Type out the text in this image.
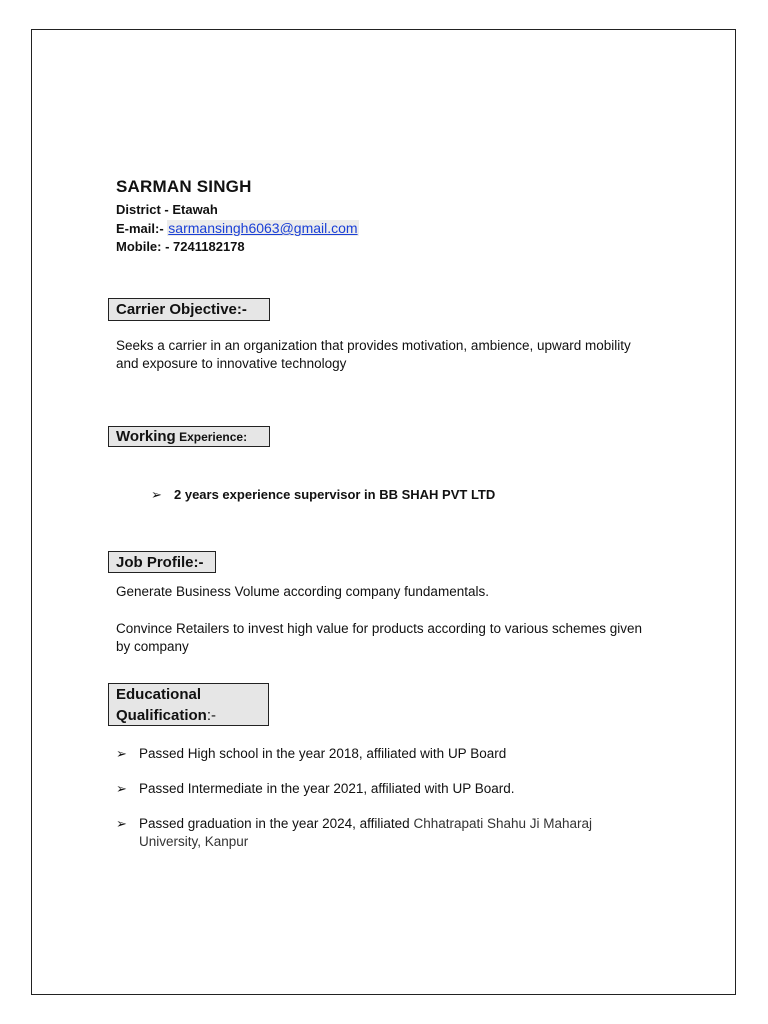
SARMAN SINGH
District - Etawah
E-mail:- sarmansingh6063@gmail.com
Mobile: - 7241182178
Carrier Objective:-
Seeks a carrier in an organization that provides motivation, ambience, upward mobility and exposure to innovative technology
Working Experience:
➢ 2 years experience supervisor in BB SHAH PVT LTD
Job Profile:-
Generate Business Volume according company fundamentals.
Convince Retailers to invest high value for products according to various schemes given by company
Educational Qualification:-
➢ Passed High school in the year 2018, affiliated with UP Board
➢ Passed Intermediate in the year 2021, affiliated with UP Board.
➢ Passed graduation in the year 2024, affiliated Chhatrapati Shahu Ji Maharaj University, Kanpur
